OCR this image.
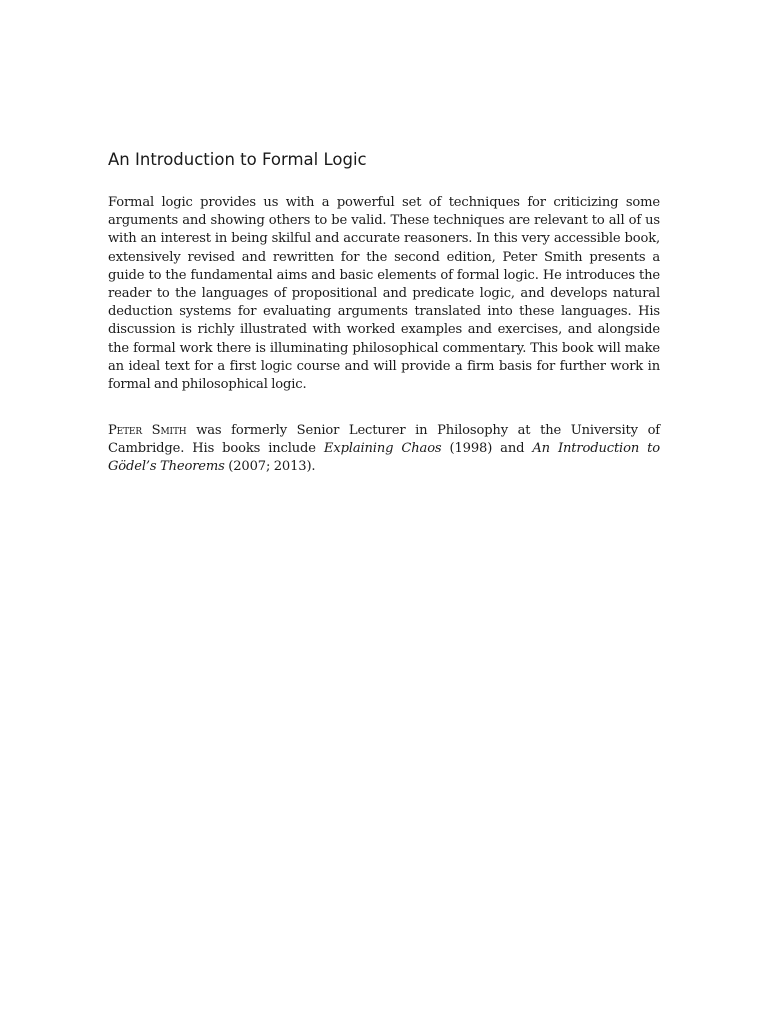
An Introduction to Formal Logic

Formal logic provides us with a powerful set of techniques for criticizing some arguments and showing others to be valid. These techniques are relevant to all of us with an interest in being skilful and accurate reasoners. In this very accessible book, extensively revised and rewritten for the second edition, Peter Smith presents a guide to the fundamental aims and basic elements of formal logic. He introduces the reader to the languages of propositional and predicate logic, and develops natural deduction systems for evaluating arguments translated into these languages. His discussion is richly illustrated with worked examples and exercises, and alongside the formal work there is illuminating philosophical commentary. This book will make an ideal text for a first logic course and will provide a firm basis for further work in formal and philosophical logic.

Peter Smith was formerly Senior Lecturer in Philosophy at the University of Cambridge. His books include Explaining Chaos (1998) and An Introduction to Gödel’s Theorems (2007; 2013).
